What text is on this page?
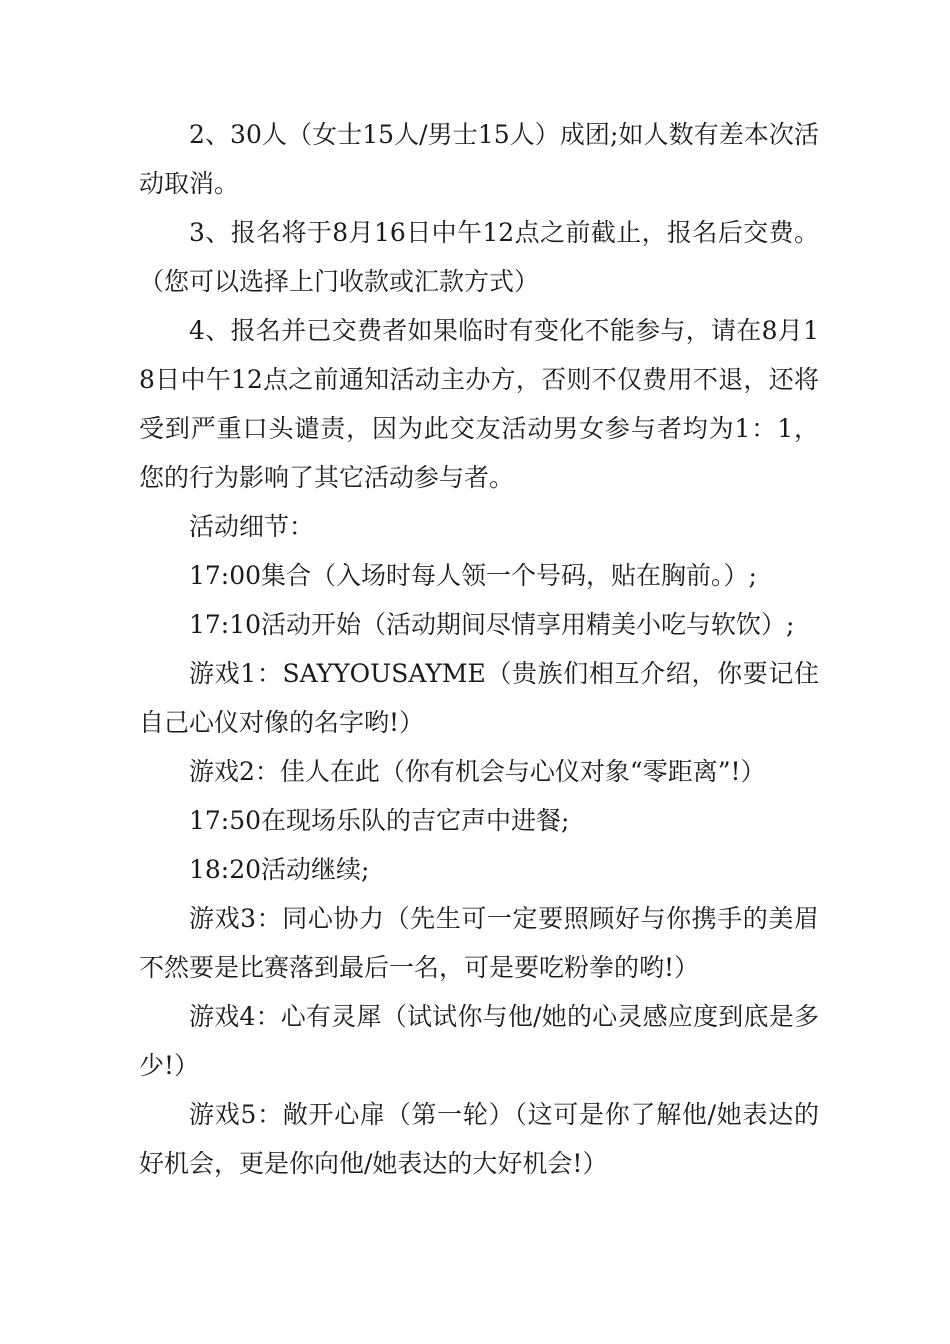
2、30人（女士15人/男士15人）成团;如人数有差本次活动取消。

3、报名将于8月16日中午12点之前截止，报名后交费。（您可以选择上门收款或汇款方式）

4、报名并已交费者如果临时有变化不能参与，请在8月18日中午12点之前通知活动主办方，否则不仅费用不退，还将受到严重口头谴责，因为此交友活动男女参与者均为1：1，您的行为影响了其它活动参与者。

活动细节：

17:00集合（入场时每人领一个号码，贴在胸前。）;

17:10活动开始（活动期间尽情享用精美小吃与软饮）;

游戏1：SAYYOUSAYME（贵族们相互介绍，你要记住自己心仪对像的名字哟!）

游戏2：佳人在此（你有机会与心仪对象“零距离”!）

17:50在现场乐队的吉它声中进餐;

18:20活动继续;

游戏3：同心协力（先生可一定要照顾好与你携手的美眉不然要是比赛落到最后一名，可是要吃粉拳的哟!）

游戏4：心有灵犀（试试你与他/她的心灵感应度到底是多少!）

游戏5：敞开心扉（第一轮）（这可是你了解他/她表达的好机会，更是你向他/她表达的大好机会!）
